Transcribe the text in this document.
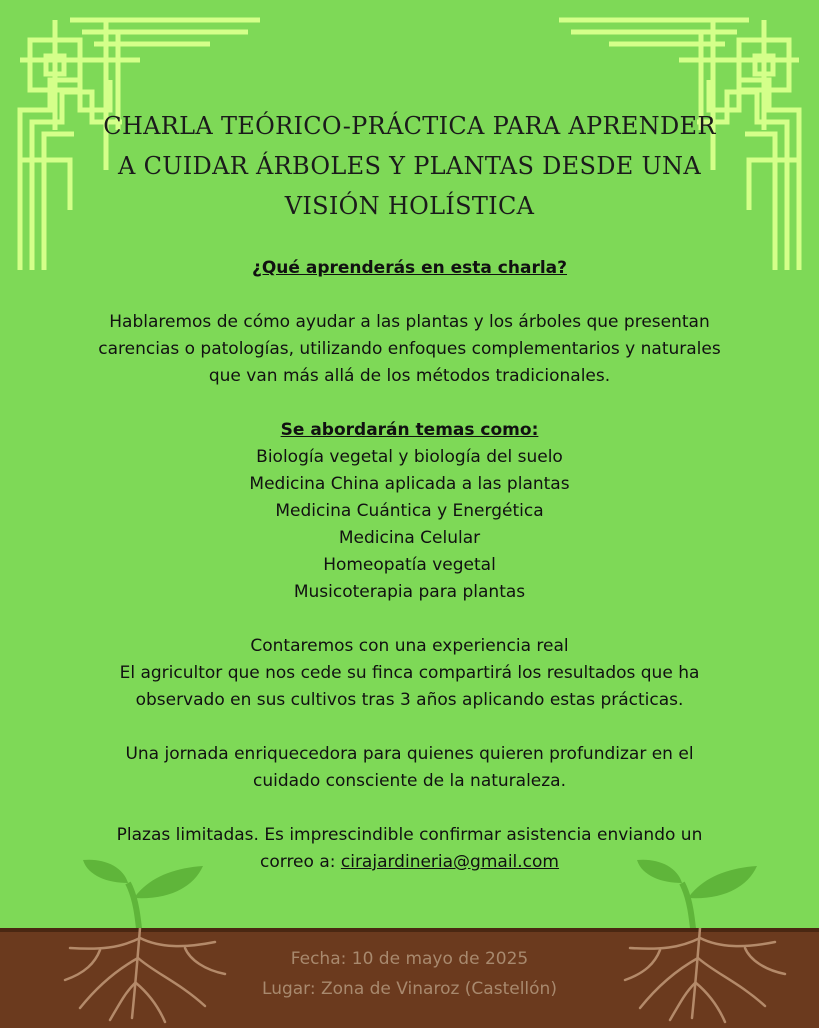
CHARLA TEÓRICO-PRÁCTICA PARA APRENDER
A CUIDAR ÁRBOLES Y PLANTAS DESDE UNA
VISIÓN HOLÍSTICA

¿Qué aprenderás en esta charla?

Hablaremos de cómo ayudar a las plantas y los árboles que presentan

carencias o patologías, utilizando enfoques complementarios y naturales

que van más allá de los métodos tradicionales.

Se abordarán temas como:

Biología vegetal y biología del suelo

Medicina China aplicada a las plantas

Medicina Cuántica y Energética

Medicina Celular

Homeopatía vegetal

Musicoterapia para plantas

Contaremos con una experiencia real

El agricultor que nos cede su finca compartirá los resultados que ha

observado en sus cultivos tras 3 años aplicando estas prácticas.

Una jornada enriquecedora para quienes quieren profundizar en el

cuidado consciente de la naturaleza.

Plazas limitadas. Es imprescindible confirmar asistencia enviando un

correo a: cirajardineria@gmail.com

Fecha: 10 de mayo de 2025

Lugar: Zona de Vinaroz (Castellón)
